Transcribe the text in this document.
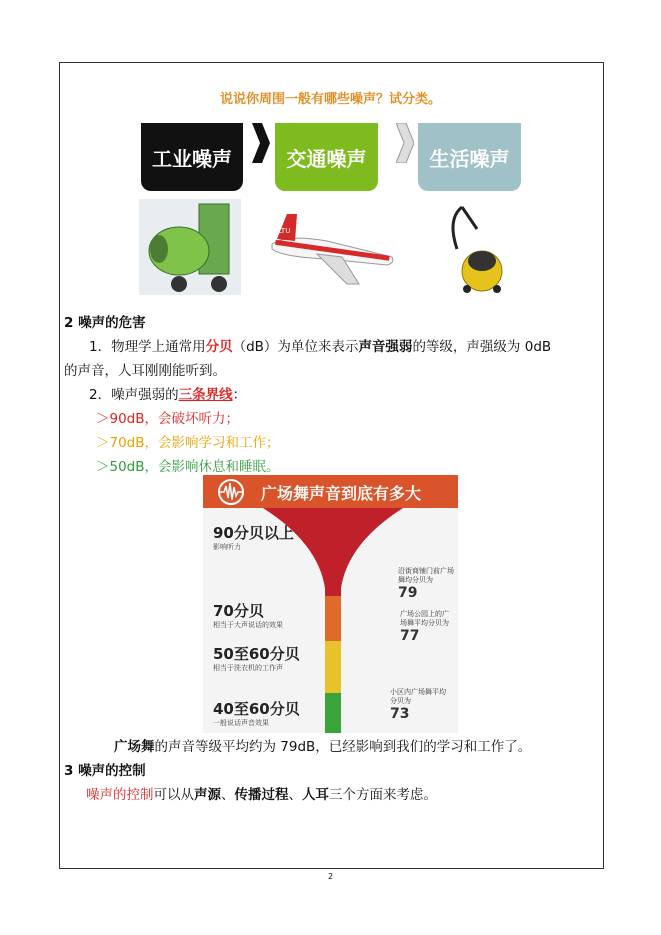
说说你周围一般有哪些噪声？试分类。
工业噪声	交通噪声	生活噪声
LTU
2 噪声的危害
1．物理学上通常用分贝（dB）为单位来表示声音强弱的等级，声强级为 0dB
的声音，人耳刚刚能听到。
2．噪声强弱的三条界线：
＞90dB，会破坏听力；
＞70dB，会影响学习和工作；
＞50dB，会影响休息和睡眠。
广场舞声音到底有多大
90分贝以上
影响听力
70分贝
相当于大声说话的效果
50至60分贝
相当于洗衣机的工作声
40至60分贝
一般说话声音效果
沿街商铺门前广场舞均分贝为
79
广场公园上的广场舞平均分贝为
77
小区内广场舞平均分贝为
73
广场舞的声音等级平均约为 79dB，已经影响到我们的学习和工作了。
3 噪声的控制
噪声的控制可以从声源、传播过程、人耳三个方面来考虑。
2
